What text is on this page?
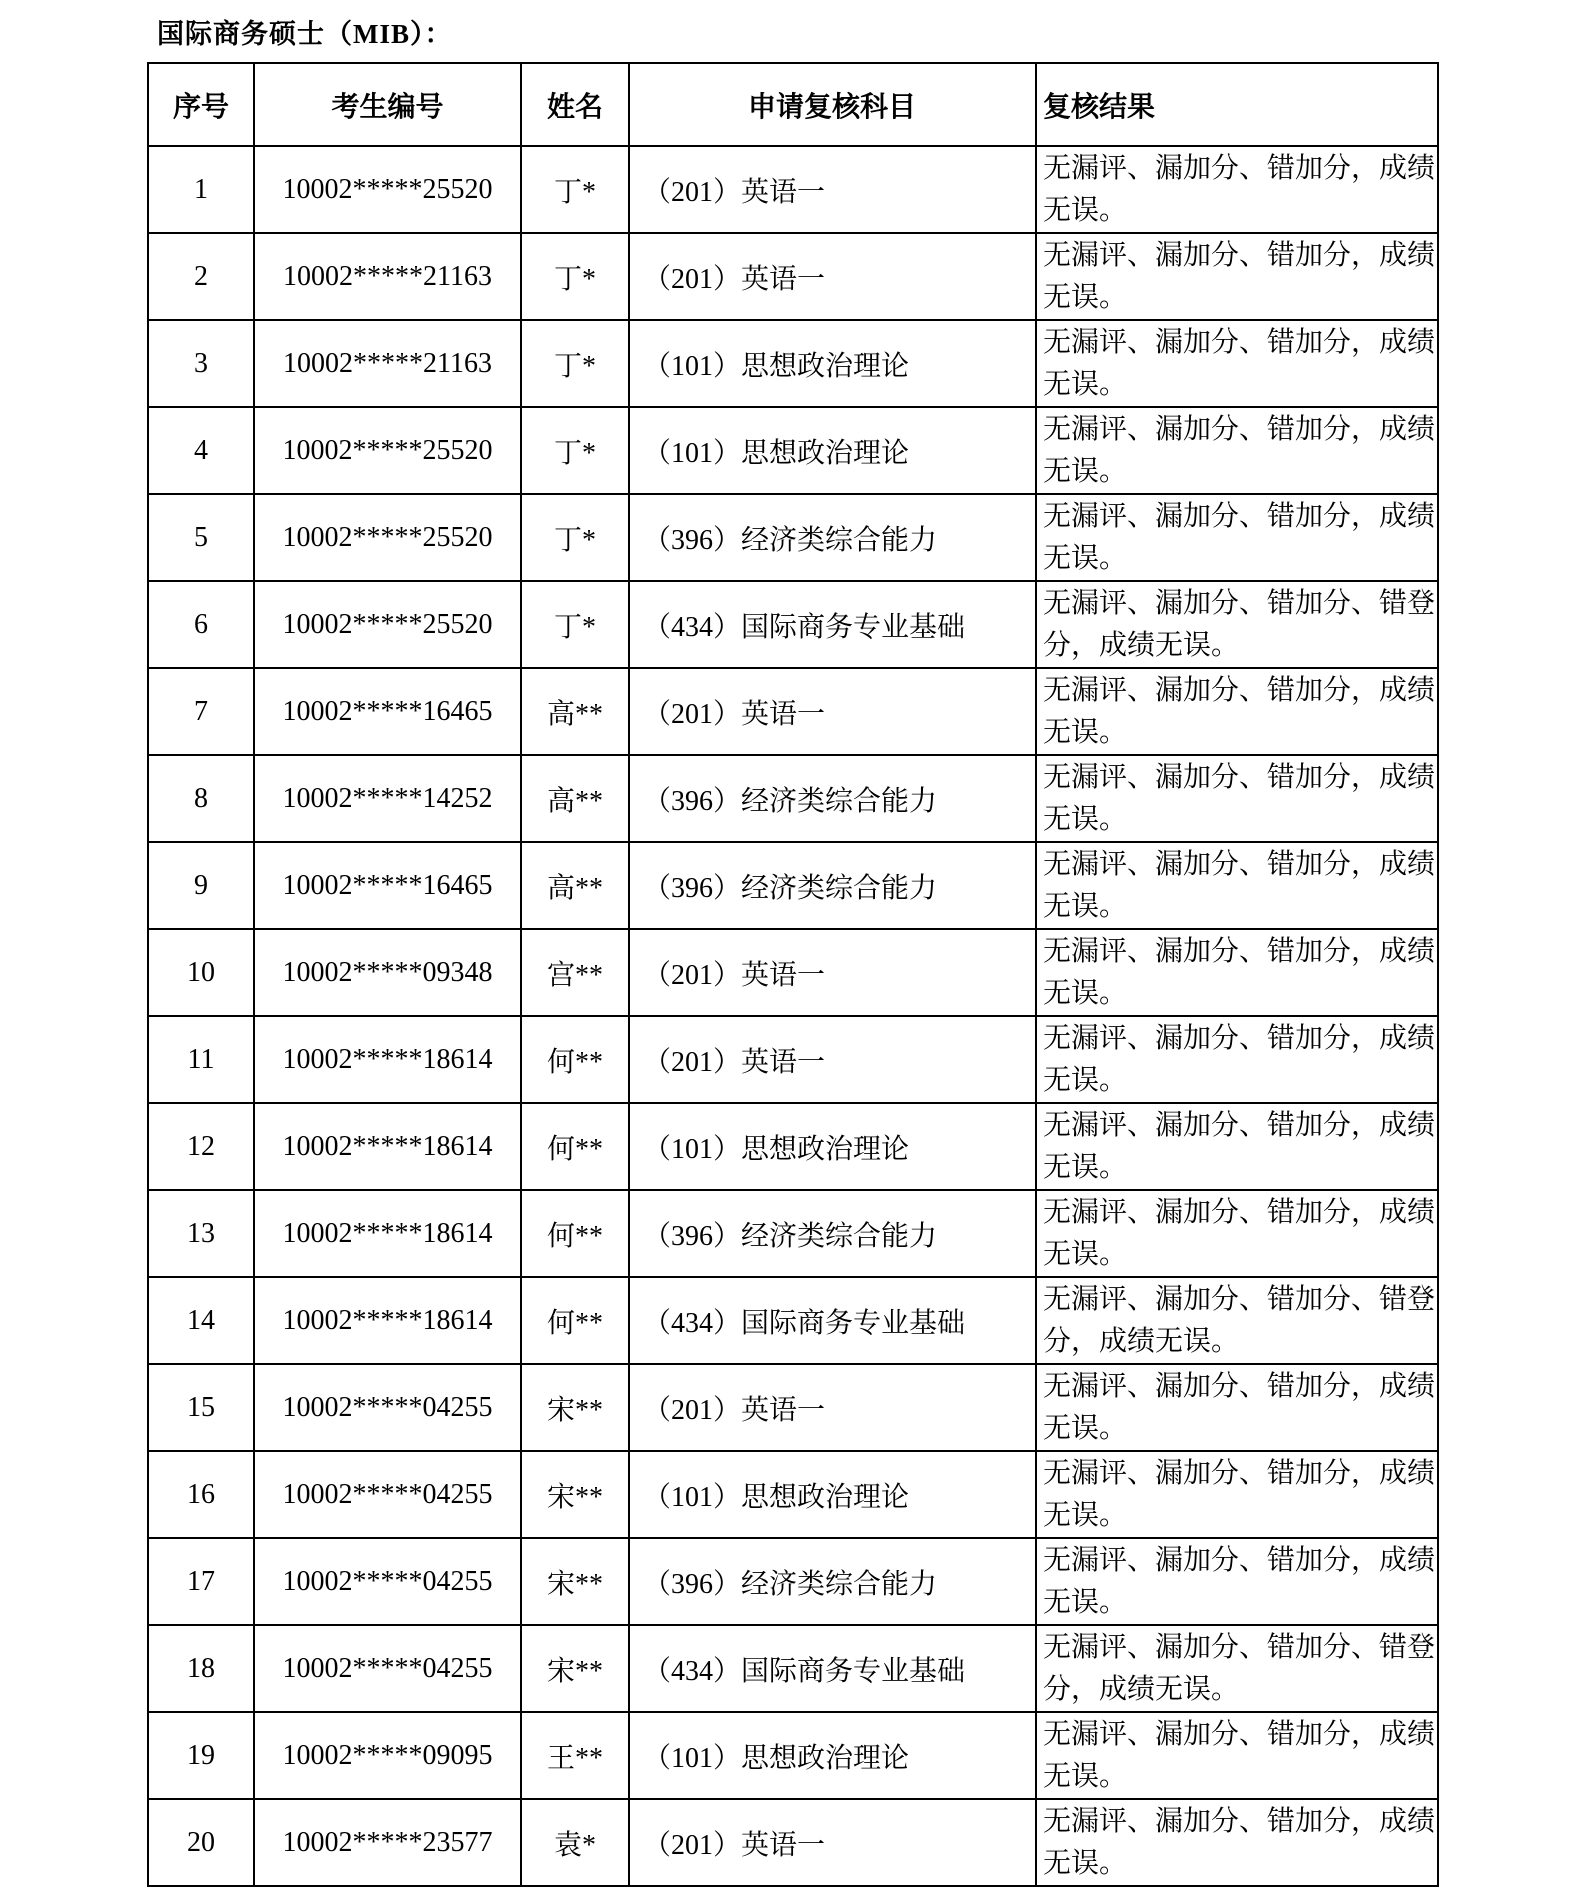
国际商务硕士（MIB）：
序号	考生编号	姓名	申请复核科目	复核结果
1	10002*****25520	丁*	（201）英语一	无漏评、漏加分、错加分，成绩无误。
2	10002*****21163	丁*	（201）英语一	无漏评、漏加分、错加分，成绩无误。
3	10002*****21163	丁*	（101）思想政治理论	无漏评、漏加分、错加分，成绩无误。
4	10002*****25520	丁*	（101）思想政治理论	无漏评、漏加分、错加分，成绩无误。
5	10002*****25520	丁*	（396）经济类综合能力	无漏评、漏加分、错加分，成绩无误。
6	10002*****25520	丁*	（434）国际商务专业基础	无漏评、漏加分、错加分、错登分，成绩无误。
7	10002*****16465	高**	（201）英语一	无漏评、漏加分、错加分，成绩无误。
8	10002*****14252	高**	（396）经济类综合能力	无漏评、漏加分、错加分，成绩无误。
9	10002*****16465	高**	（396）经济类综合能力	无漏评、漏加分、错加分，成绩无误。
10	10002*****09348	宫**	（201）英语一	无漏评、漏加分、错加分，成绩无误。
11	10002*****18614	何**	（201）英语一	无漏评、漏加分、错加分，成绩无误。
12	10002*****18614	何**	（101）思想政治理论	无漏评、漏加分、错加分，成绩无误。
13	10002*****18614	何**	（396）经济类综合能力	无漏评、漏加分、错加分，成绩无误。
14	10002*****18614	何**	（434）国际商务专业基础	无漏评、漏加分、错加分、错登分，成绩无误。
15	10002*****04255	宋**	（201）英语一	无漏评、漏加分、错加分，成绩无误。
16	10002*****04255	宋**	（101）思想政治理论	无漏评、漏加分、错加分，成绩无误。
17	10002*****04255	宋**	（396）经济类综合能力	无漏评、漏加分、错加分，成绩无误。
18	10002*****04255	宋**	（434）国际商务专业基础	无漏评、漏加分、错加分、错登分，成绩无误。
19	10002*****09095	王**	（101）思想政治理论	无漏评、漏加分、错加分，成绩无误。
20	10002*****23577	袁*	（201）英语一	无漏评、漏加分、错加分，成绩无误。
